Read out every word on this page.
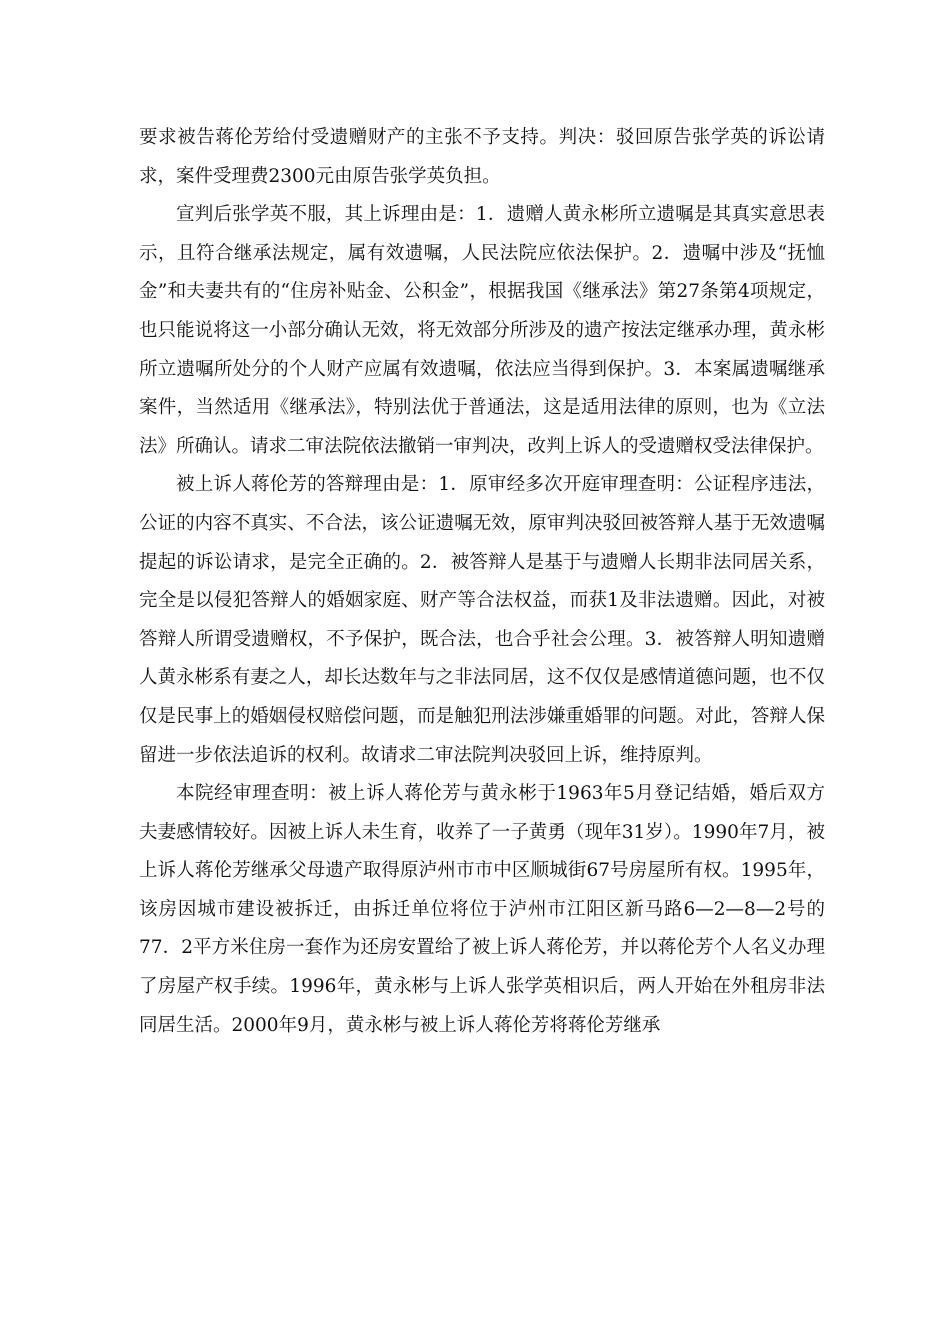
要求被告蒋伦芳给付受遗赠财产的主张不予支持。判决：驳回原告张学英的诉讼请求，案件受理费2300元由原告张学英负担。

宣判后张学英不服，其上诉理由是：1．遗赠人黄永彬所立遗嘱是其真实意思表示，且符合继承法规定，属有效遗嘱，人民法院应依法保护。2．遗嘱中涉及“抚恤金”和夫妻共有的“住房补贴金、公积金”，根据我国《继承法》第27条第4项规定，也只能说将这一小部分确认无效，将无效部分所涉及的遗产按法定继承办理，黄永彬所立遗嘱所处分的个人财产应属有效遗嘱，依法应当得到保护。3．本案属遗嘱继承案件，当然适用《继承法》，特别法优于普通法，这是适用法律的原则，也为《立法法》所确认。请求二审法院依法撤销一审判决，改判上诉人的受遗赠权受法律保护。

被上诉人蒋伦芳的答辩理由是：1．原审经多次开庭审理查明：公证程序违法，公证的内容不真实、不合法，该公证遗嘱无效，原审判决驳回被答辩人基于无效遗嘱提起的诉讼请求，是完全正确的。2．被答辩人是基于与遗赠人长期非法同居关系，完全是以侵犯答辩人的婚姻家庭、财产等合法权益，而获1及非法遗赠。因此，对被答辩人所谓受遗赠权，不予保护，既合法，也合乎社会公理。3．被答辩人明知遗赠人黄永彬系有妻之人，却长达数年与之非法同居，这不仅仅是感情道德问题，也不仅仅是民事上的婚姻侵权赔偿问题，而是触犯刑法涉嫌重婚罪的问题。对此，答辩人保留进一步依法追诉的权利。故请求二审法院判决驳回上诉，维持原判。

本院经审理查明：被上诉人蒋伦芳与黄永彬于1963年5月登记结婚，婚后双方夫妻感情较好。因被上诉人未生育，收养了一子黄勇（现年31岁）。1990年7月，被上诉人蒋伦芳继承父母遗产取得原泸州市市中区顺城街67号房屋所有权。1995年，该房因城市建设被拆迁，由拆迁单位将位于泸州市江阳区新马路6—2—8—2号的77．2平方米住房一套作为还房安置给了被上诉人蒋伦芳，并以蒋伦芳个人名义办理了房屋产权手续。1996年，黄永彬与上诉人张学英相识后，两人开始在外租房非法同居生活。2000年9月，黄永彬与被上诉人蒋伦芳将蒋伦芳继承
